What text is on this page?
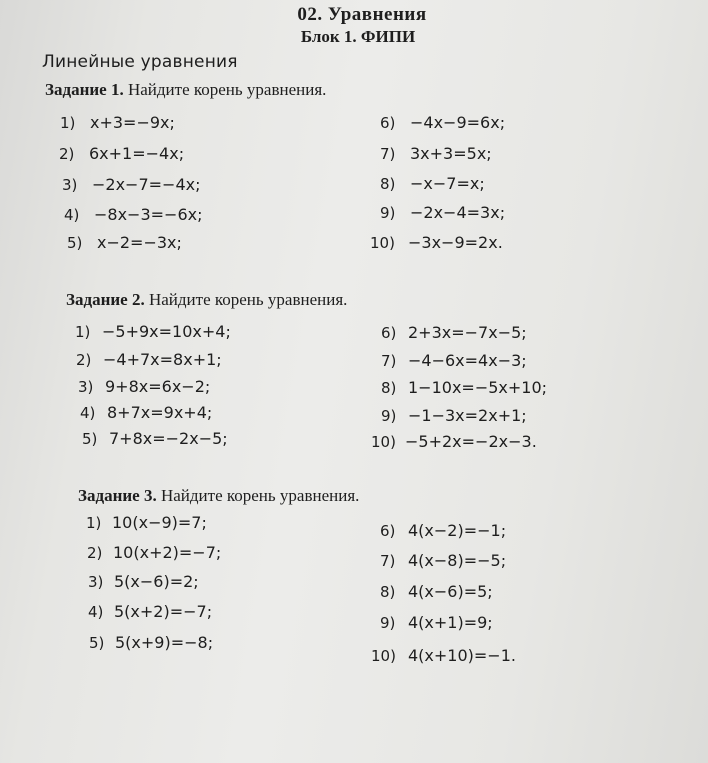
02. Уравнения
Блок 1. ФИПИ
Линейные уравнения
Задание 1. Найдите корень уравнения.
1) x+3=−9x;
2) 6x+1=−4x;
3) −2x−7=−4x;
4) −8x−3=−6x;
5) x−2=−3x;
6) −4x−9=6x;
7) 3x+3=5x;
8) −x−7=x;
9) −2x−4=3x;
10) −3x−9=2x.
Задание 2. Найдите корень уравнения.
1) −5+9x=10x+4;
2) −4+7x=8x+1;
3) 9+8x=6x−2;
4) 8+7x=9x+4;
5) 7+8x=−2x−5;
6) 2+3x=−7x−5;
7) −4−6x=4x−3;
8) 1−10x=−5x+10;
9) −1−3x=2x+1;
10) −5+2x=−2x−3.
Задание 3. Найдите корень уравнения.
1) 10(x−9)=7;
2) 10(x+2)=−7;
3) 5(x−6)=2;
4) 5(x+2)=−7;
5) 5(x+9)=−8;
6) 4(x−2)=−1;
7) 4(x−8)=−5;
8) 4(x−6)=5;
9) 4(x+1)=9;
10) 4(x+10)=−1.
